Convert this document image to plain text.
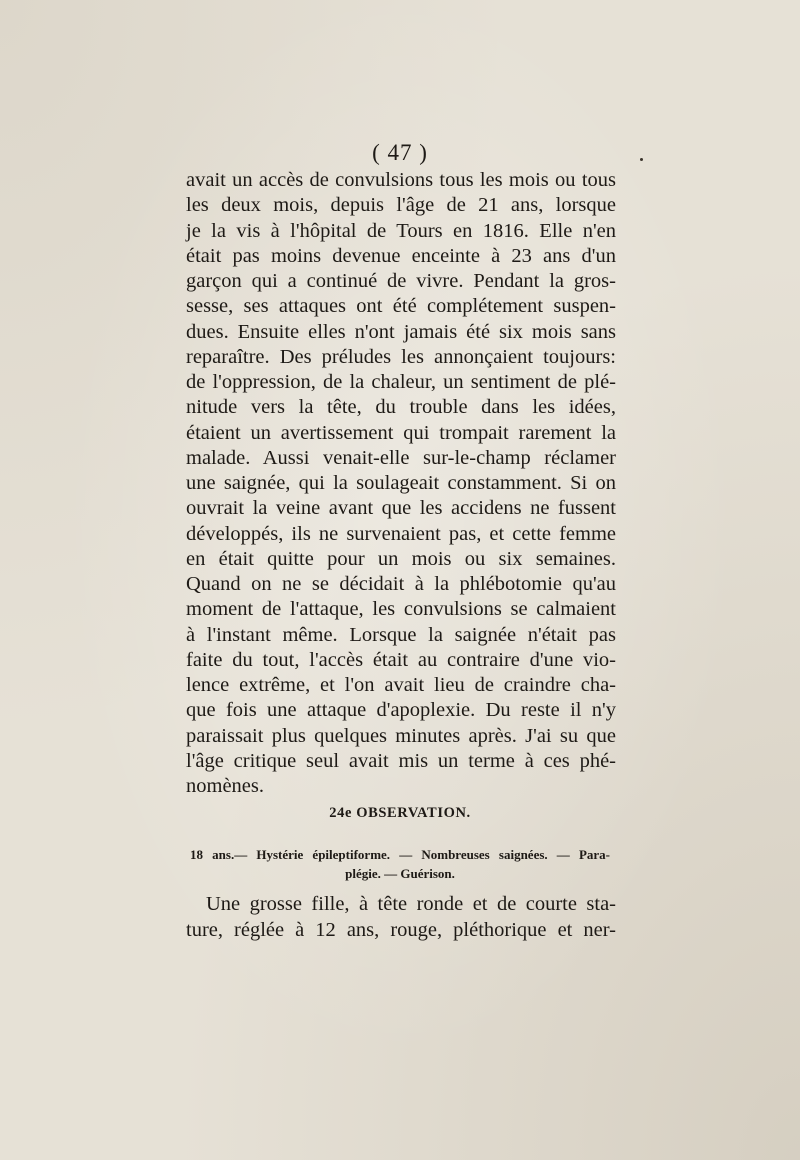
( 47 )
avait un accès de convulsions tous les mois ou tous
les deux mois, depuis l'âge de 21 ans, lorsque
je la vis à l'hôpital de Tours en 1816. Elle n'en
était pas moins devenue enceinte à 23 ans d'un
garçon qui a continué de vivre. Pendant la gros-
sesse, ses attaques ont été complétement suspen-
dues. Ensuite elles n'ont jamais été six mois sans
reparaître. Des préludes les annonçaient toujours:
de l'oppression, de la chaleur, un sentiment de plé-
nitude vers la tête, du trouble dans les idées,
étaient un avertissement qui trompait rarement la
malade. Aussi venait-elle sur-le-champ réclamer
une saignée, qui la soulageait constamment. Si on
ouvrait la veine avant que les accidens ne fussent
développés, ils ne survenaient pas, et cette femme
en était quitte pour un mois ou six semaines.
Quand on ne se décidait à la phlébotomie qu'au
moment de l'attaque, les convulsions se calmaient
à l'instant même. Lorsque la saignée n'était pas
faite du tout, l'accès était au contraire d'une vio-
lence extrême, et l'on avait lieu de craindre cha-
que fois une attaque d'apoplexie. Du reste il n'y
paraissait plus quelques minutes après. J'ai su que
l'âge critique seul avait mis un terme à ces phé-
nomènes.
24e OBSERVATION.
18 ans.— Hystérie épileptiforme. — Nombreuses saignées. — Para-
plégie. — Guérison.
Une grosse fille, à tête ronde et de courte sta-
ture, réglée à 12 ans, rouge, pléthorique et ner-
